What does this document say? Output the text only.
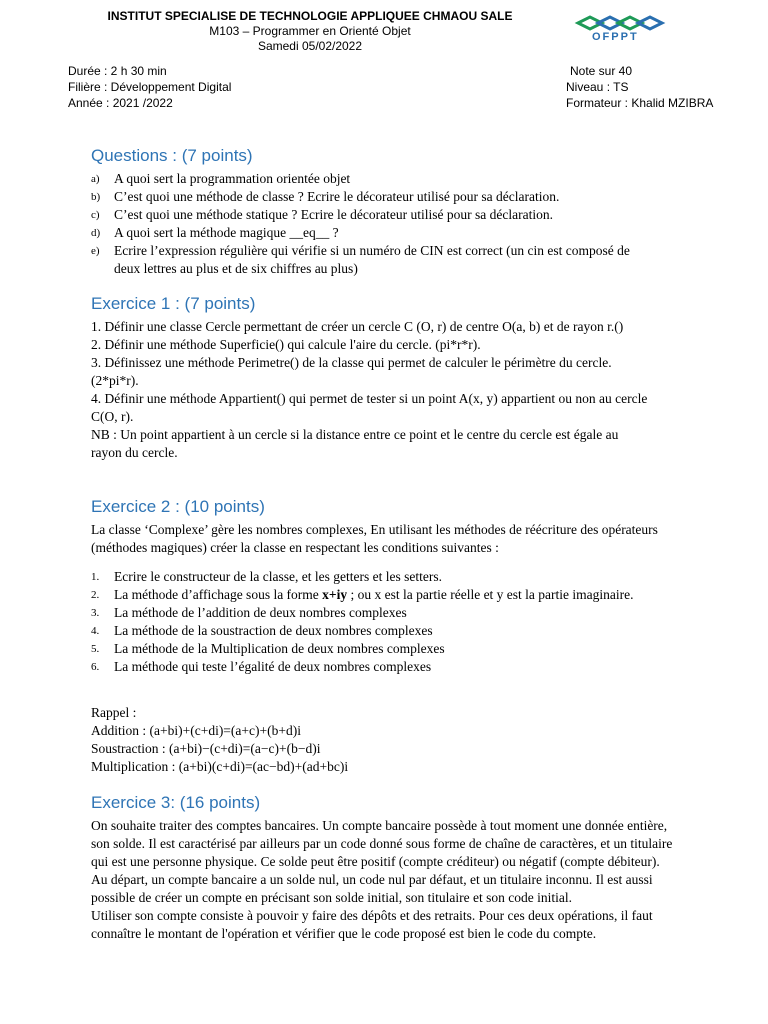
INSTITUT SPECIALISE DE TECHNOLOGIE APPLIQUEE CHMAOU SALE
M103 – Programmer en Orienté Objet
Samedi 05/02/2022
OFPPT
Durée : 2 h 30 min
Filière : Développement Digital
Année : 2021 /2022
Note sur 40
Niveau : TS
Formateur : Khalid MZIBRA
Questions : (7 points)
a)	A quoi sert la programmation orientée objet
b)	C’est quoi une méthode de classe ? Ecrire le décorateur utilisé pour sa déclaration.
c)	C’est quoi une méthode statique ? Ecrire le décorateur utilisé pour sa déclaration.
d)	A quoi sert la méthode magique __eq__ ?
e)	Ecrire l’expression régulière qui vérifie si un numéro de CIN est correct (un cin est composé de deux lettres au plus et de six chiffres au plus)
Exercice 1 : (7 points)

1. Définir une classe Cercle permettant de créer un cercle C (O, r) de centre O(a, b) et de rayon r.()

2. Définir une méthode Superficie() qui calcule l'aire du cercle. (pi*r*r).

3. Définissez une méthode Perimetre() de la classe qui permet de calculer le périmètre du cercle. (2*pi*r).

4. Définir une méthode Appartient() qui permet de tester si un point A(x, y) appartient ou non au cercle C(O, r).

NB : Un point appartient à un cercle si la distance entre ce point et le centre du cercle est égale au rayon du cercle.

Exercice 2 : (10 points)
La classe ‘Complexe’ gère les nombres complexes, En utilisant les méthodes de réécriture des opérateurs (méthodes magiques) créer la classe en respectant les conditions suivantes :
1.	Ecrire le constructeur de la classe, et les getters et les setters.
2.	La méthode d’affichage sous la forme x+iy ; ou x est la partie réelle et y est la partie imaginaire.
3.	La méthode de l’addition de deux nombres complexes
4.	La méthode de la soustraction de deux nombres complexes
5.	La méthode de la Multiplication de deux nombres complexes
6.	La méthode qui teste l’égalité de deux nombres complexes

Rappel :

Addition : (a+bi)+(c+di)=(a+c)+(b+d)i

Soustraction : (a+bi)−(c+di)=(a−c)+(b−d)i

Multiplication : (a+bi)(c+di)=(ac−bd)+(ad+bc)i

Exercice 3: (16 points)

On souhaite traiter des comptes bancaires. Un compte bancaire possède à tout moment une donnée entière, son solde. Il est caractérisé par ailleurs par un code donné sous forme de chaîne de caractères, et un titulaire qui est une personne physique. Ce solde peut être positif (compte créditeur) ou négatif (compte débiteur). Au départ, un compte bancaire a un solde nul, un code nul par défaut, et un titulaire inconnu. Il est aussi possible de créer un compte en précisant son solde initial, son titulaire et son code initial.

Utiliser son compte consiste à pouvoir y faire des dépôts et des retraits. Pour ces deux opérations, il faut connaître le montant de l'opération et vérifier que le code proposé est bien le code du compte.
